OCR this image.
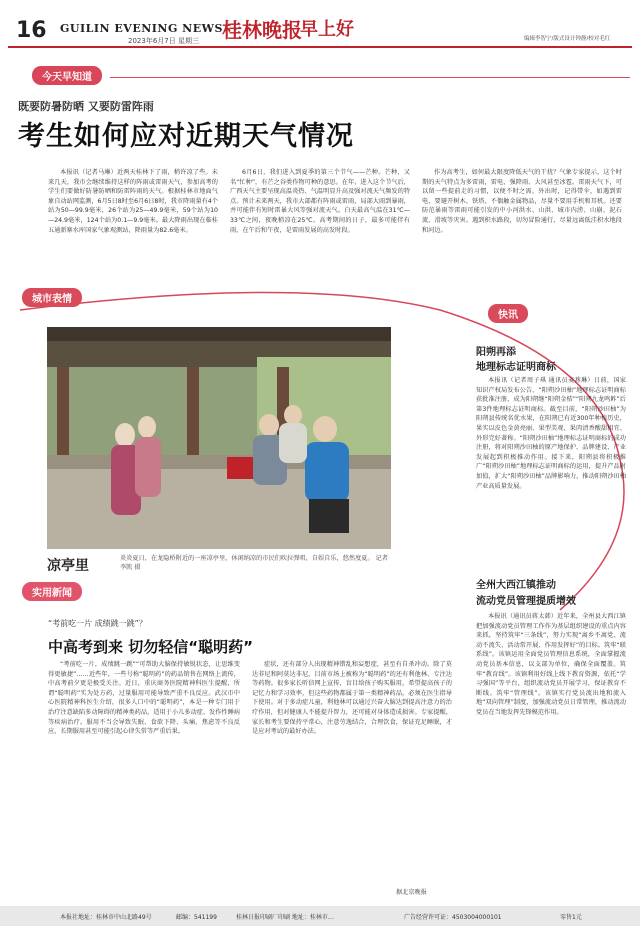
16 GUILIN EVENING NEWS
2023年6月7日 星期三 桂林晚报
早上好	编辑李智宁/版式设计钟静/校对毛红
今天早知道
既要防暑防晒 又要防雷阵雨
考生如何应对近期天气情况

本报讯（记者马琳）近两天桂林下了雨，稍许凉了些。未来几天，我市会继续维持这样的阵雨或雷雨天气，参加高考的学生们要做好防暑防晒和防雷阵雨的天气。根据桂林市地面气象自动站网监测，6月5日8时至6月6日8时，我市降雨量有4个站为50—99.9毫米，26个站为25—49.9毫米，59个站为10—24.9毫米，124个站为0.1—9.9毫米。最大降雨出现在临桂五通新寨水库国家气象观测站，降雨量为82.6毫米。

6月6日，我们进入到夏季的第三个节气——芒种。芒种，又名“忙种”，有芒之谷类作物可种的意思。在年，进入这个节气后，广西天气主要呈现高温炎热、气温明显升高及强对流天气频发的特点。预计未来两天，我市大部都有阵雨或雷雨，局部大雨到暴雨，并可能伴有短时雷暴大风等强对流天气。白天最高气温在31℃—33℃之间，夜晚稍凉在25℃。高考期间的日子，最多可能伴有雨，在午后和午夜，是雷雨发展的高发时段。

作为高考生，如何最大限度降低天气的干扰？气象专家提示，这个时期的天气特点为多雷雨，雷电、强降雨、大风甚至冰雹。雷雨天气下，可以留一些提前走的习惯，以便不时之需。外出时，记得带伞，如遇到雷电，要避开树木、铁塔、不偶触金属物品，尽量不要用手机和耳机。还要防范暴雨等雷雨可能引发的中小河洪水、山洪、城市内涝、山崩、泥石流、滑坡等灾害。遇到积水路段，切勿冒险通行，尽量远离低洼积水地段和河边。

城市表情
快讯
凉亭里	炎炎夏日，在龙隐桥附近的一座凉亭里，休闲纳凉的市民们吹拉弹唱，自娱自乐，悠然度夏。 记者李凯 摄
阳朔再添
地理标志证明商标

本报讯（记者周子琪 通讯员麦燕琳）日前，国家知识产权局发布公告，“阳朔沙田柚”地理标志证明商标获批准注册，成为阳朔继“阳朔金桔”“阳朔九龙鸣鲊”后第3件地理标志证明商标。截至目前，“阳朔沙田柚”为阳朔县传统名优水果，在阳朔已有近300年种植历史，果实以皮色金黄亮丽、果型美观、果肉清香酸甜相宜、外形完好著称。“阳朔沙田柚”地理标志证明商标的成功注册，将对阳朔沙田柚的原产地保护、品牌建设、产业发展起到积极推动作用。接下来，阳朔县将积极推广“阳朔沙田柚”地理标志证明商标的运用，提升产品附加值，扩大“阳朔沙田柚”品牌影响力，推动阳朔沙田柚产业高质量发展。

全州大西江镇推动
流动党员管理提质增效

本报讯（通讯员蒋太韩）近年来，全州县大西江镇把加强流动党员管理工作作为基层组织建设的重点内容来抓，坚持筑牢“三条线”，努力实现“离乡不离党、流动不流失、活动常开展、作用发挥好”的目标。筑牢“联系线”。该镇运用全面党员管理信息系统，全面掌握流动党员基本信息，以支部为单位，确保全面覆盖。筑牢“教育线”。该镇利用好线上线下教育资源，依托“学习强国”等平台，组织流动党员开展学习，保证教育不断线。筑牢“管理线”。该镇实行党员流出地和流入地“双向管理”制度，加强流动党员日常管理，推动流动党员在当地发挥先锋模范作用。

实用新闻
“考前吃一片 成绩跳一跳”？
中高考到来 切勿轻信“聪明药”

“考前吃一片，成绩跳一跳”“可帮助大脑保持敏锐状态，让思维变得更敏捷”……近些年，一些号称“聪明药”的药品销售在网络上流传，中高考前夕更是极受关注。近日，重庆商务医院精神科医生提醒，所谓“聪明药”实为处方药，过量服用可能导致严重不良反应。武汉市中心医院精神科医生介绍，很多人口中的“聪明药”，本是一种专门用于治疗注意缺陷多动障碍的精神类药品，适用于小儿多动症、发作性睡病等疾病治疗。服用不当会导致失眠、食欲下降、头痛、焦虑等不良反应，长期服用甚至可能引起心律失常等严重后果。

症状，还有部分人出现精神错乱和妄想症，甚至有自杀冲动。除了莫达非尼和阿莫达非尼，目前市场上被称为“聪明药”的还有利他林、专注达等药物。很多家长听信网上宣传，盲目给孩子购买服用，希望提高孩子的记忆力和学习效率，但这些药物都属于第一类精神药品，必须在医生指导下使用。对于多动症儿童，利他林可以通过兴奋大脑达到提高注意力的治疗作用，但对健康人不能提升智力，还可能对身体造成损害。专家提醒，家长和考生要保持平常心，注意劳逸结合，合理饮食，保证充足睡眠，才是应对考试的最好办法。

据北京晚报
本报社地址：桂林市中山北路49号	邮编：541199	桂林日报印刷厂印刷 地址：桂林市…	广告经营许可证：4503004000101	零售1元
